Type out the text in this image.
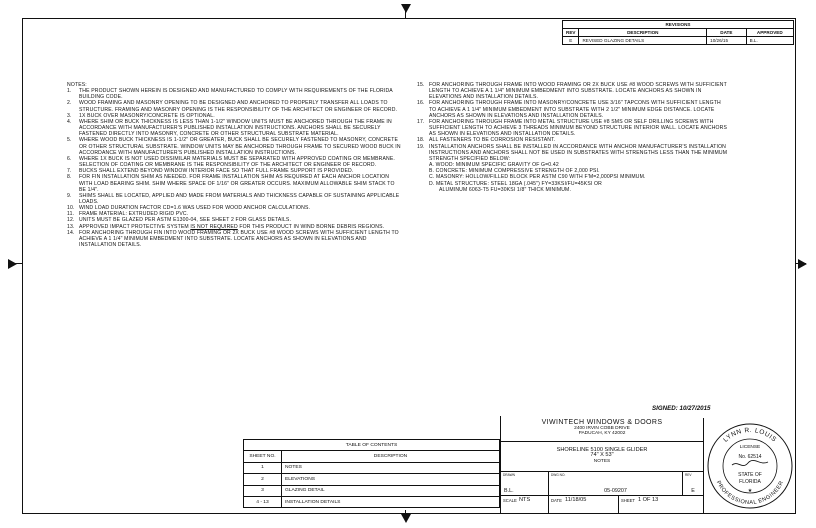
REVISIONS			
REV	DESCRIPTION	DATE	APPROVED
E	REVISED GLAZING DETAILS	10/26/15	B.L.
NOTES:
1.	THE PRODUCT SHOWN HEREIN IS DESIGNED AND MANUFACTURED TO COMPLY WITH REQUIREMENTS OF THE FLORIDA BUILDING CODE.
2.	WOOD FRAMING AND MASONRY OPENING TO BE DESIGNED AND ANCHORED TO PROPERLY TRANSFER ALL LOADS TO STRUCTURE. FRAMING AND MASONRY OPENING IS THE RESPONSIBILITY OF THE ARCHITECT OR ENGINEER OF RECORD.
3.	1X BUCK OVER MASONRY/CONCRETE IS OPTIONAL.
4.	WHERE SHIM OR BUCK THICKNESS IS LESS THAN 1-1/2" WINDOW UNITS MUST BE ANCHORED THROUGH THE FRAME IN ACCORDANCE WITH MANUFACTURER'S PUBLISHED INSTALLATION INSTRUCTIONS. ANCHORS SHALL BE SECURELY FASTENED DIRECTLY INTO MASONRY, CONCRETE OR OTHER STRUCTURAL SUBSTRATE MATERIAL.
5.	WHERE WOOD BUCK THICKNESS IS 1-1/2" OR GREATER, BUCK SHALL BE SECURELY FASTENED TO MASONRY, CONCRETE OR OTHER STRUCTURAL SUBSTRATE. WINDOW UNITS MAY BE ANCHORED THROUGH FRAME TO SECURED WOOD BUCK IN ACCORDANCE WITH MANUFACTURER'S PUBLISHED INSTALLATION INSTRUCTIONS.
6.	WHERE 1X BUCK IS NOT USED DISSIMILAR MATERIALS MUST BE SEPARATED WITH APPROVED COATING OR MEMBRANE. SELECTION OF COATING OR MEMBRANE IS THE RESPONSIBILITY OF THE ARCHITECT OR ENGINEER OF RECORD.
7.	BUCKS SHALL EXTEND BEYOND WINDOW INTERIOR FACE SO THAT FULL FRAME SUPPORT IS PROVIDED.
8.	FOR FIN INSTALLATION SHIM AS NEEDED. FOR FRAME INSTALLATION SHIM AS REQUIRED AT EACH ANCHOR LOCATION WITH LOAD BEARING SHIM. SHIM WHERE SPACE OF 1/16" OR GREATER OCCURS. MAXIMUM ALLOWABLE SHIM STACK TO BE 1/4".
9.	SHIMS SHALL BE LOCATED, APPLIED AND MADE FROM MATERIALS AND THICKNESS CAPABLE OF SUSTAINING APPLICABLE LOADS.
10. WIND LOAD DURATION FACTOR CD=1.6 WAS USED FOR WOOD ANCHOR CALCULATIONS.
11. FRAME MATERIAL: EXTRUDED RIGID PVC.
12. UNITS MUST BE GLAZED PER ASTM E1300-04, SEE SHEET 2 FOR GLASS DETAILS.
13. APPROVED IMPACT PROTECTIVE SYSTEM IS NOT REQUIRED FOR THIS PRODUCT IN WIND BORNE DEBRIS REGIONS.
14. FOR ANCHORING THROUGH FIN INTO WOOD FRAMING OR 2X BUCK USE #8 WOOD SCREWS WITH SUFFICIENT LENGTH TO ACHIEVE A 1 1/4" MINIMUM EMBEDMENT INTO SUBSTRATE. LOCATE ANCHORS AS SHOWN IN ELEVATIONS AND INSTALLATION DETAILS.
15. FOR ANCHORING THROUGH FRAME INTO WOOD FRAMING OR 2X BUCK USE #8 WOOD SCREWS WITH SUFFICIENT LENGTH TO ACHIEVE A 1 1/4" MINIMUM EMBEDMENT INTO SUBSTRATE. LOCATE ANCHORS AS SHOWN IN ELEVATIONS AND INSTALLATION DETAILS.
16. FOR ANCHORING THROUGH FRAME INTO MASONRY/CONCRETE USE 3/16" TAPCONS WITH SUFFICIENT LENGTH TO ACHIEVE A 1 1/4" MINIMUM EMBEDMENT INTO SUBSTRATE WITH 2 1/2" MINIMUM EDGE DISTANCE. LOCATE ANCHORS AS SHOWN IN ELEVATIONS AND INSTALLATION DETAILS.
17. FOR ANCHORING THROUGH FRAME INTO METAL STRUCTURE USE #8 SMS OR SELF DRILLING SCREWS WITH SUFFICIENT LENGTH TO ACHIEVE 3 THREADS MINIMUM BEYOND STRUCTURE INTERIOR WALL. LOCATE ANCHORS AS SHOWN IN ELEVATIONS AND INSTALLATION DETAILS.
18. ALL FASTENERS TO BE CORROSION RESISTANT.
19. INSTALLATION ANCHORS SHALL BE INSTALLED IN ACCORDANCE WITH ANCHOR MANUFACTURER'S INSTALLATION INSTRUCTIONS AND ANCHORS SHALL NOT BE USED IN SUBSTRATES WITH STRENGTHS LESS THAN THE MINIMUM STRENGTH SPECIFIED BELOW:
A. WOOD: MINIMUM SPECIFIC GRAVITY OF G=0.42
B. CONCRETE: MINIMUM COMPRESSIVE STRENGTH OF 2,000 PSI.
C. MASONRY: HOLLOW/FILLED BLOCK PER ASTM C90 WITH F'M=2,000PSI MINIMUM.
D. METAL STRUCTURE: STEEL 18GA (.045") FY=33KSI/FU=45KSI OR
ALUMINUM 6063-T5 FU=30KSI 1/8" THICK MINIMUM.
SIGNED: 10/27/2015
TABLE OF CONTENTS	
SHEET NO.	DESCRIPTION
1	NOTES
2	ELEVATIONS
3	GLAZING DETAIL
4 - 13	INSTALLATION DETAILS
VIWINTECH WINDOWS & DOORS
2400 IRVIN COBB DRIVE
PADUCAH, KY 42002
SHORELINE 5100 SINGLE GLIDER
74" X 53"
NOTES
DRAWN
B.L.
DWG NO.
05-09207
REV
E
SCALE NTS	DATE 11/18/05	SHEET 1 OF 13
LYNN R. LOUIS
PROFESSIONAL ENGINEER
LICENSE
No. 62514
STATE OF
FLORIDA
★
